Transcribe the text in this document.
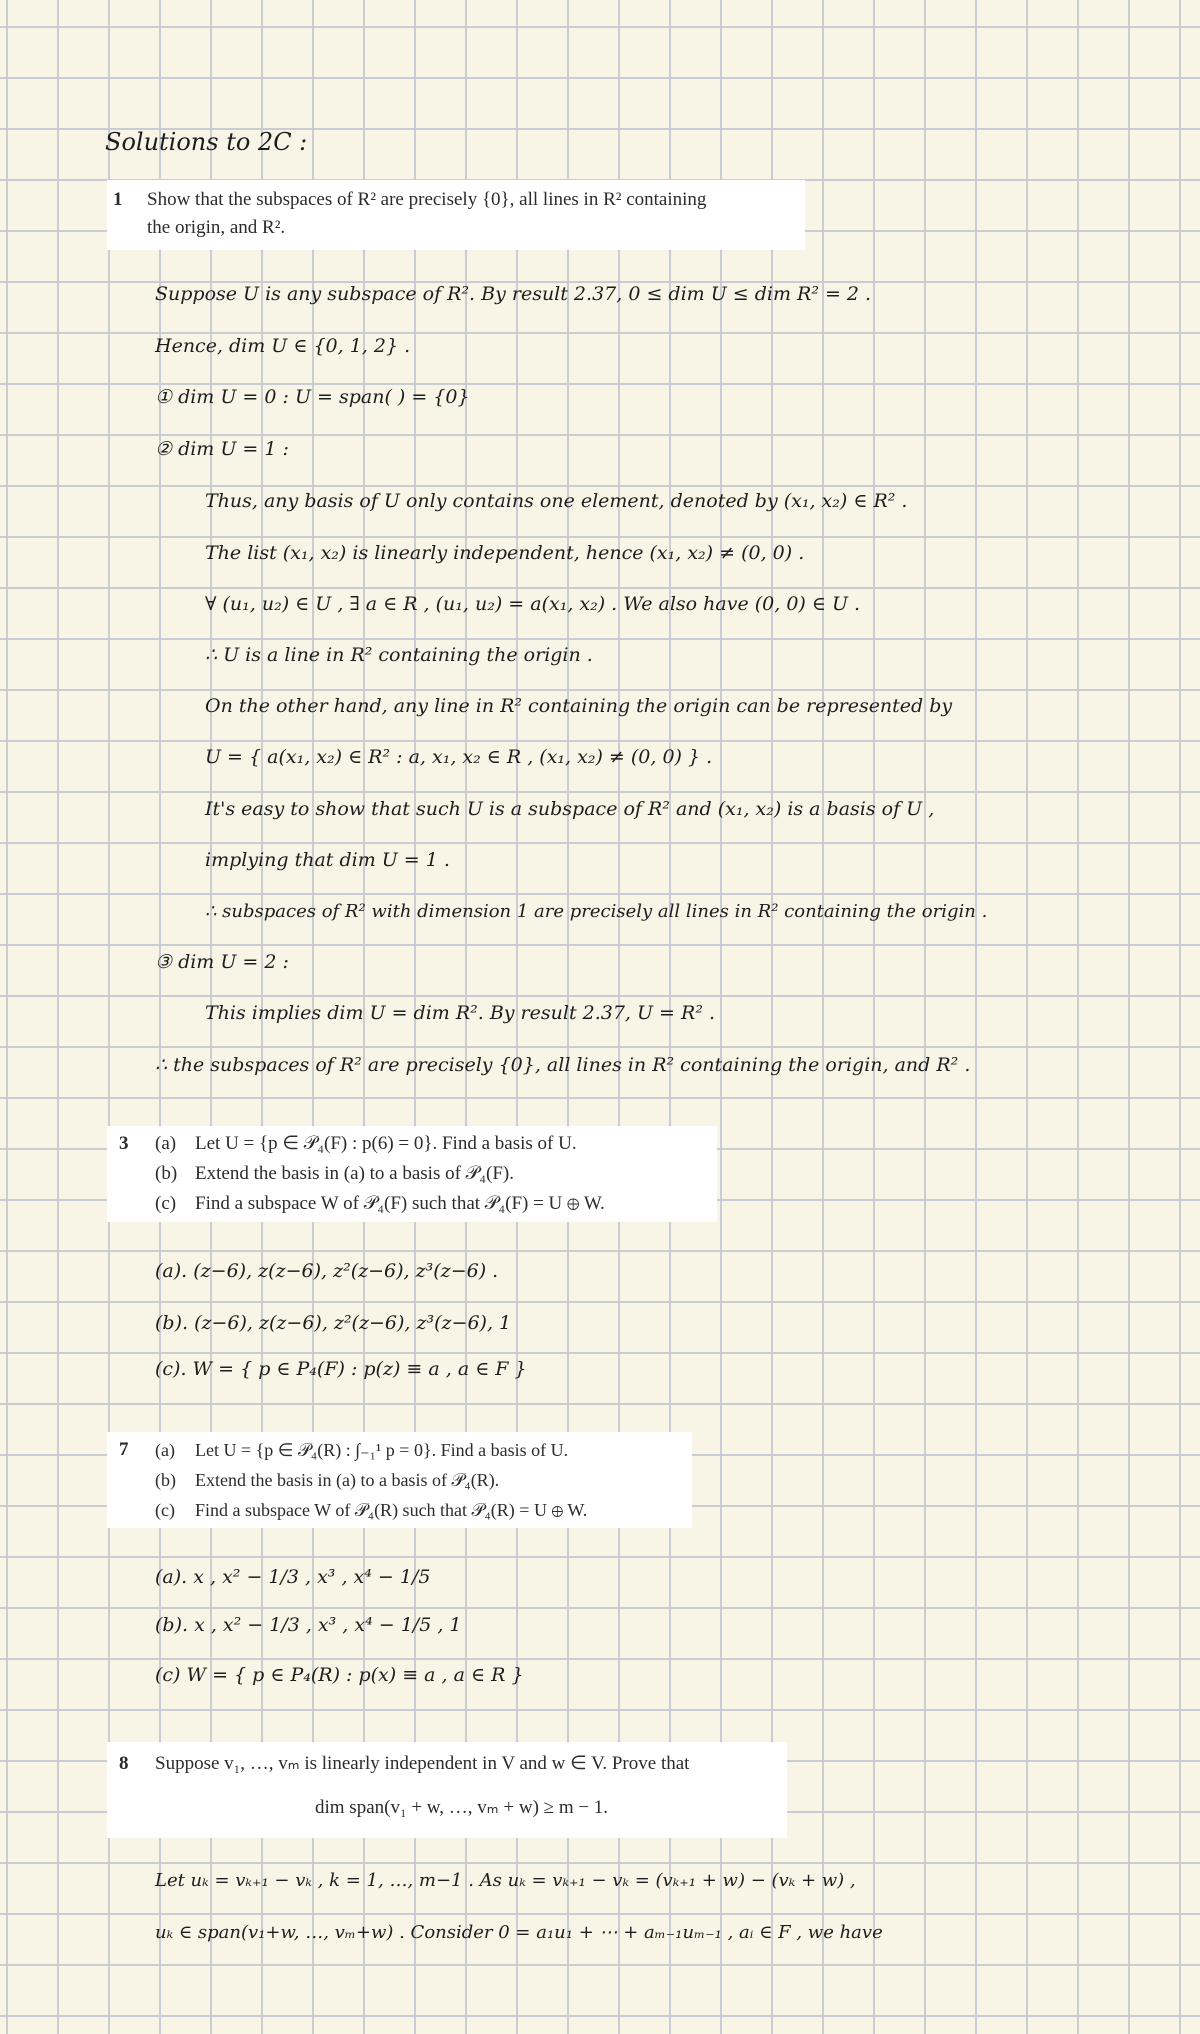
Solutions to 2C :
1 Show that the subspaces of R² are precisely {0}, all lines in R² containing
the origin, and R².
Suppose U is any subspace of R². By result 2.37, 0 ≤ dim U ≤ dim R² = 2 .
Hence, dim U ∈ {0, 1, 2} .
① dim U = 0 : U = span( ) = {0}
② dim U = 1 :
Thus, any basis of U only contains one element, denoted by (x₁, x₂) ∈ R² .
The list (x₁, x₂) is linearly independent, hence (x₁, x₂) ≠ (0, 0) .
∀ (u₁, u₂) ∈ U , ∃ a ∈ R , (u₁, u₂) = a(x₁, x₂) . We also have (0, 0) ∈ U .
∴ U is a line in R² containing the origin .
On the other hand, any line in R² containing the origin can be represented by
U = { a(x₁, x₂) ∈ R² : a, x₁, x₂ ∈ R , (x₁, x₂) ≠ (0, 0) } .
It's easy to show that such U is a subspace of R² and (x₁, x₂) is a basis of U ,
implying that dim U = 1 .
∴ subspaces of R² with dimension 1 are precisely all lines in R² containing the origin .
③ dim U = 2 :
This implies dim U = dim R². By result 2.37, U = R² .
∴ the subspaces of R² are precisely {0}, all lines in R² containing the origin, and R² .
3 (a) Let U = {p ∈ 𝒫₄(F) : p(6) = 0}. Find a basis of U.
(b) Extend the basis in (a) to a basis of 𝒫₄(F).
(c) Find a subspace W of 𝒫₄(F) such that 𝒫₄(F) = U ⊕ W.
(a). (z−6), z(z−6), z²(z−6), z³(z−6) .
(b). (z−6), z(z−6), z²(z−6), z³(z−6), 1
(c). W = { p ∈ P₄(F) : p(z) ≡ a , a ∈ F }
7 (a) Let U = {p ∈ 𝒫₄(R) : ∫₋₁¹ p = 0}. Find a basis of U.
(b) Extend the basis in (a) to a basis of 𝒫₄(R).
(c) Find a subspace W of 𝒫₄(R) such that 𝒫₄(R) = U ⊕ W.
(a). x , x² − 1/3 , x³ , x⁴ − 1/5
(b). x , x² − 1/3 , x³ , x⁴ − 1/5 , 1
(c) W = { p ∈ P₄(R) : p(x) ≡ a , a ∈ R }
8 Suppose v₁, …, vₘ is linearly independent in V and w ∈ V. Prove that
dim span(v₁ + w, …, vₘ + w) ≥ m − 1.
Let uₖ = vₖ₊₁ − vₖ , k = 1, …, m−1 . As uₖ = vₖ₊₁ − vₖ = (vₖ₊₁ + w) − (vₖ + w) ,
uₖ ∈ span(v₁+w, …, vₘ+w) . Consider 0 = a₁u₁ + ⋯ + aₘ₋₁uₘ₋₁ , aᵢ ∈ F , we have
